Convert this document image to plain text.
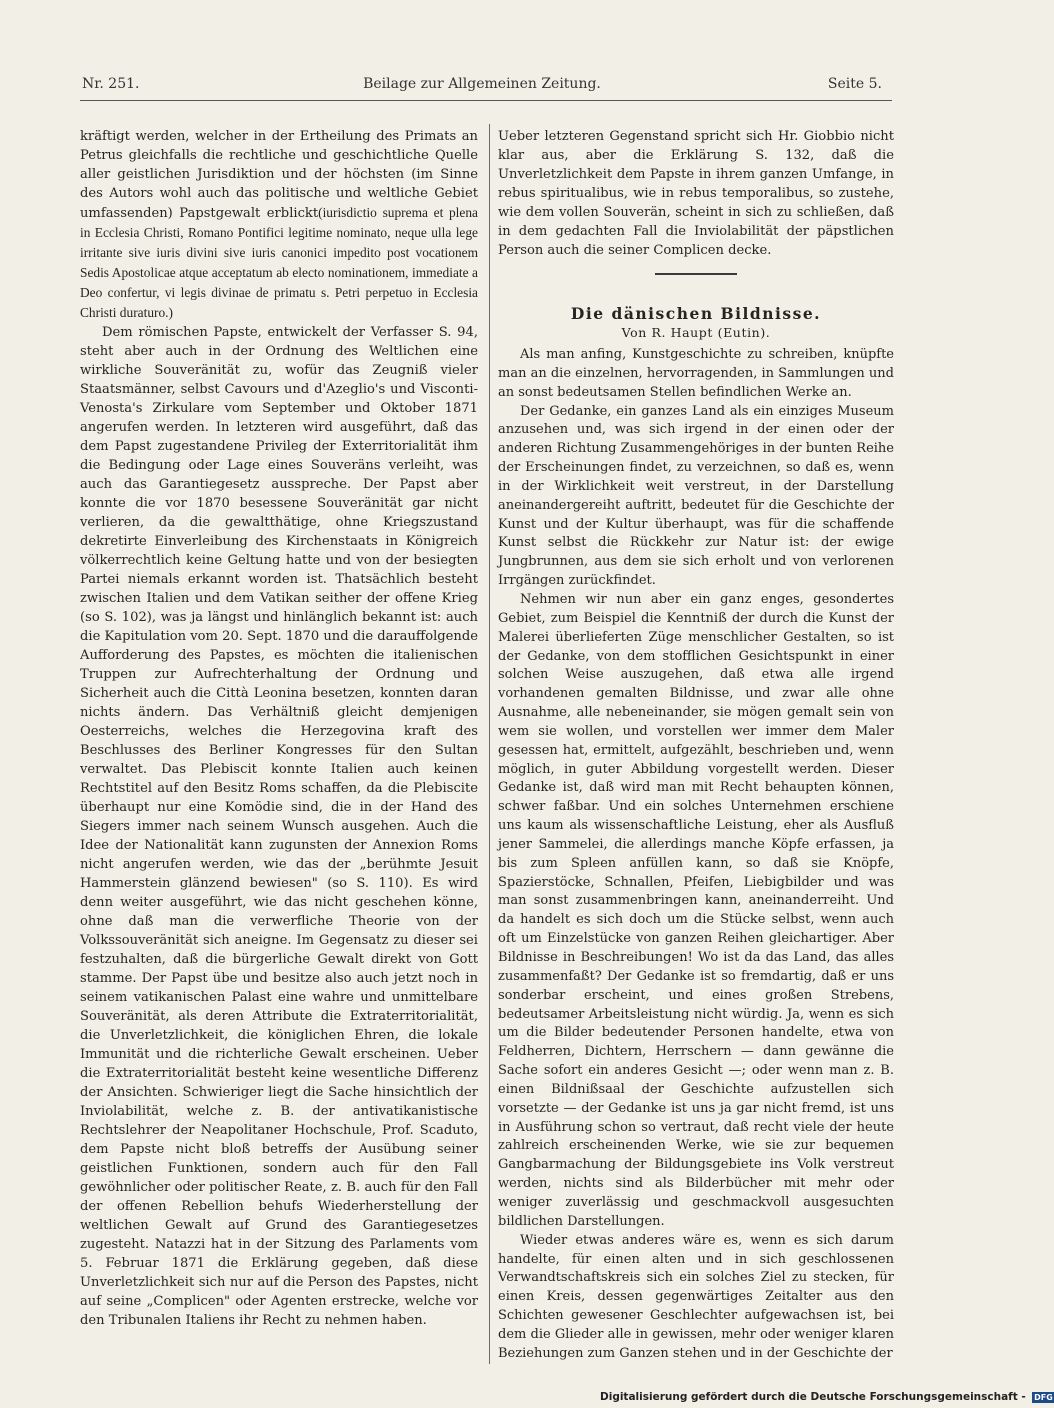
Nr. 251.	Beilage zur Allgemeinen Zeitung.	Seite 5.

kräftigt werden, welcher in der Ertheilung des Primats an Petrus gleichfalls die rechtliche und geschichtliche Quelle aller geistlichen Jurisdiktion und der höchsten (im Sinne des Autors wohl auch das politische und weltliche Gebiet umfassenden) Papstgewalt erblickt(iurisdictio suprema et plena in Ecclesia Christi, Romano Pontifici legitime nominato, neque ulla lege irritante sive iuris divini sive iuris canonici impedito post vocationem Sedis Apostolicae atque acceptatum ab electo nominationem, immediate a Deo confertur, vi legis divinae de primatu s. Petri perpetuo in Ecclesia Christi duraturo.)

Dem römischen Papste, entwickelt der Verfasser S. 94, steht aber auch in der Ordnung des Weltlichen eine wirkliche Souveränität zu, wofür das Zeugniß vieler Staatsmänner, selbst Cavours und d'Azeglio's und Visconti-Venosta's Zirkulare vom September und Oktober 1871 angerufen werden. In letzteren wird ausgeführt, daß das dem Papst zugestandene Privileg der Exterritorialität ihm die Bedingung oder Lage eines Souveräns verleiht, was auch das Garantiegesetz ausspreche. Der Papst aber konnte die vor 1870 besessene Souveränität gar nicht verlieren, da die gewaltthätige, ohne Kriegszustand dekretirte Einverleibung des Kirchenstaats in Königreich völkerrechtlich keine Geltung hatte und von der besiegten Partei niemals erkannt worden ist. Thatsächlich besteht zwischen Italien und dem Vatikan seither der offene Krieg (so S. 102), was ja längst und hinlänglich bekannt ist: auch die Kapitulation vom 20. Sept. 1870 und die darauffolgende Aufforderung des Papstes, es möchten die italienischen Truppen zur Aufrechterhaltung der Ordnung und Sicherheit auch die Città Leonina besetzen, konnten daran nichts ändern. Das Verhältniß gleicht demjenigen Oesterreichs, welches die Herzegovina kraft des Beschlusses des Berliner Kongresses für den Sultan verwaltet. Das Plebiscit konnte Italien auch keinen Rechtstitel auf den Besitz Roms schaffen, da die Plebiscite überhaupt nur eine Komödie sind, die in der Hand des Siegers immer nach seinem Wunsch ausgehen. Auch die Idee der Nationalität kann zugunsten der Annexion Roms nicht angerufen werden, wie das der „berühmte Jesuit Hammerstein glänzend bewiesen" (so S. 110). Es wird denn weiter ausgeführt, wie das nicht geschehen könne, ohne daß man die verwerfliche Theorie von der Volkssouveränität sich aneigne. Im Gegensatz zu dieser sei festzuhalten, daß die bürgerliche Gewalt direkt von Gott stamme. Der Papst übe und besitze also auch jetzt noch in seinem vatikanischen Palast eine wahre und unmittelbare Souveränität, als deren Attribute die Extraterritorialität, die Unverletzlichkeit, die königlichen Ehren, die lokale Immunität und die richterliche Gewalt erscheinen. Ueber die Extraterritorialität besteht keine wesentliche Differenz der Ansichten. Schwieriger liegt die Sache hinsichtlich der Inviolabilität, welche z. B. der antivatikanistische Rechtslehrer der Neapolitaner Hochschule, Prof. Scaduto, dem Papste nicht bloß betreffs der Ausübung seiner geistlichen Funktionen, sondern auch für den Fall gewöhnlicher oder politischer Reate, z. B. auch für den Fall der offenen Rebellion behufs Wiederherstellung der weltlichen Gewalt auf Grund des Garantiegesetzes zugesteht. Natazzi hat in der Sitzung des Parlaments vom 5. Februar 1871 die Erklärung gegeben, daß diese Unverletzlichkeit sich nur auf die Person des Papstes, nicht auf seine „Complicen" oder Agenten erstrecke, welche vor den Tribunalen Italiens ihr Recht zu nehmen haben.

Ueber letzteren Gegenstand spricht sich Hr. Giobbio nicht klar aus, aber die Erklärung S. 132, daß die Unverletzlichkeit dem Papste in ihrem ganzen Umfange, in rebus spiritualibus, wie in rebus temporalibus, so zustehe, wie dem vollen Souverän, scheint in sich zu schließen, daß in dem gedachten Fall die Inviolabilität der päpstlichen Person auch die seiner Complicen decke.

Die dänischen Bildnisse.
Von R. Haupt (Eutin).

Als man anfing, Kunstgeschichte zu schreiben, knüpfte man an die einzelnen, hervorragenden, in Sammlungen und an sonst bedeutsamen Stellen befindlichen Werke an.

Der Gedanke, ein ganzes Land als ein einziges Museum anzusehen und, was sich irgend in der einen oder der anderen Richtung Zusammengehöriges in der bunten Reihe der Erscheinungen findet, zu verzeichnen, so daß es, wenn in der Wirklichkeit weit verstreut, in der Darstellung aneinandergereiht auftritt, bedeutet für die Geschichte der Kunst und der Kultur überhaupt, was für die schaffende Kunst selbst die Rückkehr zur Natur ist: der ewige Jungbrunnen, aus dem sie sich erholt und von verlorenen Irrgängen zurückfindet.

Nehmen wir nun aber ein ganz enges, gesondertes Gebiet, zum Beispiel die Kenntniß der durch die Kunst der Malerei überlieferten Züge menschlicher Gestalten, so ist der Gedanke, von dem stofflichen Gesichtspunkt in einer solchen Weise auszugehen, daß etwa alle irgend vorhandenen gemalten Bildnisse, und zwar alle ohne Ausnahme, alle nebeneinander, sie mögen gemalt sein von wem sie wollen, und vorstellen wer immer dem Maler gesessen hat, ermittelt, aufgezählt, beschrieben und, wenn möglich, in guter Abbildung vorgestellt werden. Dieser Gedanke ist, daß wird man mit Recht behaupten können, schwer faßbar. Und ein solches Unternehmen erschiene uns kaum als wissenschaftliche Leistung, eher als Ausfluß jener Sammelei, die allerdings manche Köpfe erfassen, ja bis zum Spleen anfüllen kann, so daß sie Knöpfe, Spazierstöcke, Schnallen, Pfeifen, Liebigbilder und was man sonst zusammenbringen kann, aneinanderreiht. Und da handelt es sich doch um die Stücke selbst, wenn auch oft um Einzelstücke von ganzen Reihen gleichartiger. Aber Bildnisse in Beschreibungen! Wo ist da das Land, das alles zusammenfaßt? Der Gedanke ist so fremdartig, daß er uns sonderbar erscheint, und eines großen Strebens, bedeutsamer Arbeitsleistung nicht würdig. Ja, wenn es sich um die Bilder bedeutender Personen handelte, etwa von Feldherren, Dichtern, Herrschern — dann gewänne die Sache sofort ein anderes Gesicht —; oder wenn man z. B. einen Bildnißsaal der Geschichte aufzustellen sich vorsetzte — der Gedanke ist uns ja gar nicht fremd, ist uns in Ausführung schon so vertraut, daß recht viele der heute zahlreich erscheinenden Werke, wie sie zur bequemen Gangbarmachung der Bildungsgebiete ins Volk verstreut werden, nichts sind als Bilderbücher mit mehr oder weniger zuverlässig und geschmackvoll ausgesuchten bildlichen Darstellungen.

Wieder etwas anderes wäre es, wenn es sich darum handelte, für einen alten und in sich geschlossenen Verwandtschaftskreis sich ein solches Ziel zu stecken, für einen Kreis, dessen gegenwärtiges Zeitalter aus den Schichten gewesener Geschlechter aufgewachsen ist, bei dem die Glieder alle in gewissen, mehr oder weniger klaren Beziehungen zum Ganzen stehen und in der Geschichte der

Digitalisierung gefördert durch die Deutsche Forschungsgemeinschaft - DFG
